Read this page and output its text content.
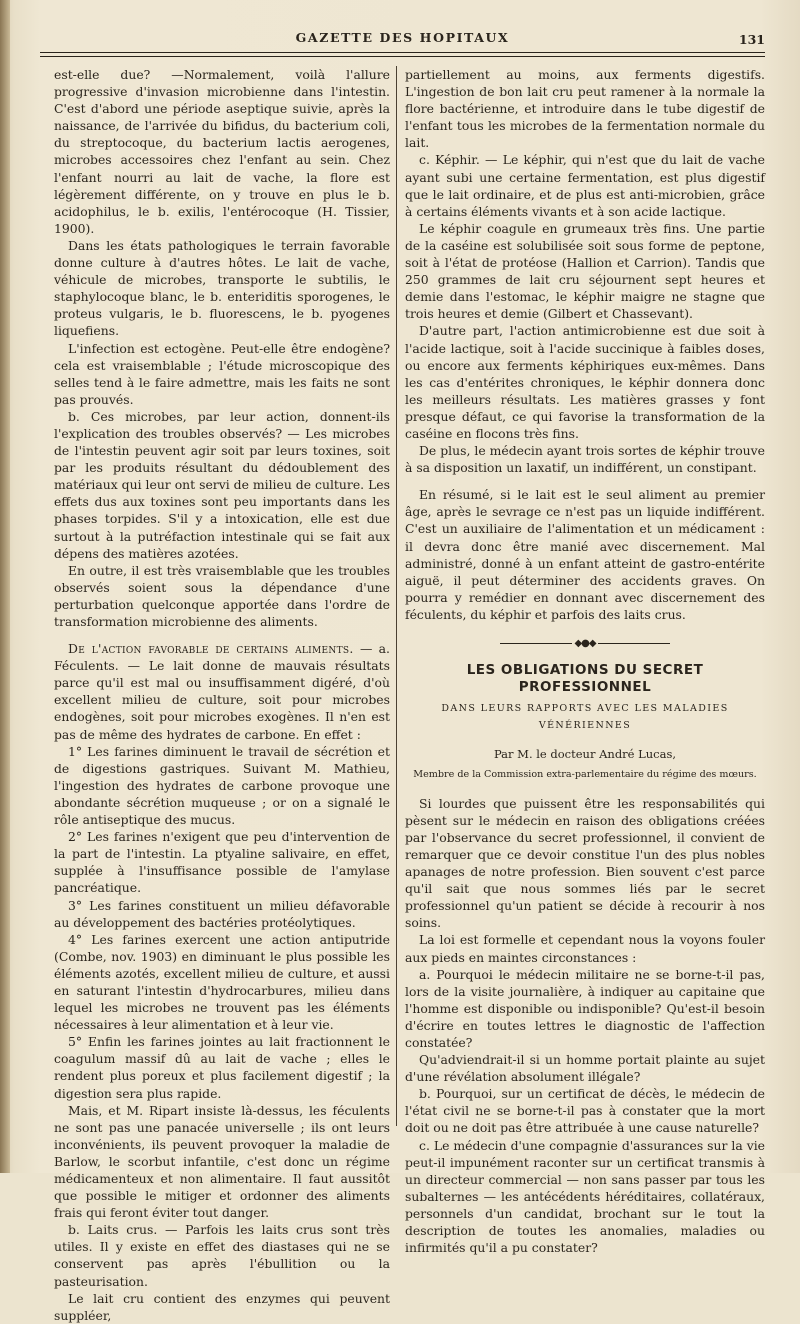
GAZETTE DES HOPITAUX	131

est-elle due? —Normalement, voilà l'allure progressive d'invasion microbienne dans l'intestin. C'est d'abord une période aseptique suivie, après la naissance, de l'arrivée du bifidus, du bacterium coli, du streptocoque, du bacterium lactis aerogenes, microbes accessoires chez l'enfant au sein. Chez l'enfant nourri au lait de vache, la flore est légèrement différente, on y trouve en plus le b. acidophilus, le b. exilis, l'entérocoque (H. Tissier, 1900).

Dans les états pathologiques le terrain favorable donne culture à d'autres hôtes. Le lait de vache, véhicule de microbes, transporte le subtilis, le staphylocoque blanc, le b. enteriditis sporogenes, le proteus vulgaris, le b. fluorescens, le b. pyogenes liquefiens.

L'infection est ectogène. Peut-elle être endogène? cela est vraisemblable ; l'étude microscopique des selles tend à le faire admettre, mais les faits ne sont pas prouvés.

b. Ces microbes, par leur action, donnent-ils l'explication des troubles observés? — Les microbes de l'intestin peuvent agir soit par leurs toxines, soit par les produits résultant du dédoublement des matériaux qui leur ont servi de milieu de culture. Les effets dus aux toxines sont peu importants dans les phases torpides. S'il y a intoxication, elle est due surtout à la putréfaction intestinale qui se fait aux dépens des matières azotées.

En outre, il est très vraisemblable que les troubles observés soient sous la dépendance d'une perturbation quelconque apportée dans l'ordre de transformation microbienne des aliments.

De l'action favorable de certains aliments. — a. Féculents. — Le lait donne de mauvais résultats parce qu'il est mal ou insuffisamment digéré, d'où excellent milieu de culture, soit pour microbes endogènes, soit pour microbes exogènes. Il n'en est pas de même des hydrates de carbone. En effet :

1° Les farines diminuent le travail de sécrétion et de digestions gastriques. Suivant M. Mathieu, l'ingestion des hydrates de carbone provoque une abondante sécrétion muqueuse ; or on a signalé le rôle antiseptique des mucus.

2° Les farines n'exigent que peu d'intervention de la part de l'intestin. La ptyaline salivaire, en effet, supplée à l'insuffisance possible de l'amylase pancréatique.

3° Les farines constituent un milieu défavorable au développement des bactéries protéolytiques.

4° Les farines exercent une action antiputride (Combe, nov. 1903) en diminuant le plus possible les éléments azotés, excellent milieu de culture, et aussi en saturant l'intestin d'hydrocarbures, milieu dans lequel les microbes ne trouvent pas les éléments nécessaires à leur alimentation et à leur vie.

5° Enfin les farines jointes au lait fractionnent le coagulum massif dû au lait de vache ; elles le rendent plus poreux et plus facilement digestif ; la digestion sera plus rapide.

Mais, et M. Ripart insiste là-dessus, les féculents ne sont pas une panacée universelle ; ils ont leurs inconvénients, ils peuvent provoquer la maladie de Barlow, le scorbut infantile, c'est donc un régime médicamenteux et non alimentaire. Il faut aussitôt que possible le mitiger et ordonner des aliments frais qui feront éviter tout danger.

b. Laits crus. — Parfois les laits crus sont très utiles. Il y existe en effet des diastases qui ne se conservent pas après l'ébullition ou la pasteurisation.

Le lait cru contient des enzymes qui peuvent suppléer,

partiellement au moins, aux ferments digestifs. L'ingestion de bon lait cru peut ramener à la normale la flore bactérienne, et introduire dans le tube digestif de l'enfant tous les microbes de la fermentation normale du lait.

c. Képhir. — Le képhir, qui n'est que du lait de vache ayant subi une certaine fermentation, est plus digestif que le lait ordinaire, et de plus est anti-microbien, grâce à certains éléments vivants et à son acide lactique.

Le képhir coagule en grumeaux très fins. Une partie de la caséine est solubilisée soit sous forme de peptone, soit à l'état de protéose (Hallion et Carrion). Tandis que 250 grammes de lait cru séjournent sept heures et demie dans l'estomac, le képhir maigre ne stagne que trois heures et demie (Gilbert et Chassevant).

D'autre part, l'action antimicrobienne est due soit à l'acide lactique, soit à l'acide succinique à faibles doses, ou encore aux ferments képhiriques eux-mêmes. Dans les cas d'entérites chroniques, le képhir donnera donc les meilleurs résultats. Les matières grasses y font presque défaut, ce qui favorise la transformation de la caséine en flocons très fins.

De plus, le médecin ayant trois sortes de képhir trouve à sa disposition un laxatif, un indifférent, un constipant.

En résumé, si le lait est le seul aliment au premier âge, après le sevrage ce n'est pas un liquide indifférent. C'est un auxiliaire de l'alimentation et un médicament : il devra donc être manié avec discernement. Mal administré, donné à un enfant atteint de gastro-entérite aiguë, il peut déterminer des accidents graves. On pourra y remédier en donnant avec discernement des féculents, du képhir et parfois des laits crus.

◆●◆
LES OBLIGATIONS DU SECRET PROFESSIONNEL
DANS LEURS RAPPORTS AVEC LES MALADIES VÉNÉRIENNES
Par M. le docteur André Lucas,
Membre de la Commission extra-parlementaire du régime des mœurs.

Si lourdes que puissent être les responsabilités qui pèsent sur le médecin en raison des obligations créées par l'observance du secret professionnel, il convient de remarquer que ce devoir constitue l'un des plus nobles apanages de notre profession. Bien souvent c'est parce qu'il sait que nous sommes liés par le secret professionnel qu'un patient se décide à recourir à nos soins.

La loi est formelle et cependant nous la voyons fouler aux pieds en maintes circonstances :

a. Pourquoi le médecin militaire ne se borne-t-il pas, lors de la visite journalière, à indiquer au capitaine que l'homme est disponible ou indisponible? Qu'est-il besoin d'écrire en toutes lettres le diagnostic de l'affection constatée?

Qu'adviendrait-il si un homme portait plainte au sujet d'une révélation absolument illégale?

b. Pourquoi, sur un certificat de décès, le médecin de l'état civil ne se borne-t-il pas à constater que la mort doit ou ne doit pas être attribuée à une cause naturelle?

c. Le médecin d'une compagnie d'assurances sur la vie peut-il impunément raconter sur un certificat transmis à un directeur commercial — non sans passer par tous les subalternes — les antécédents héréditaires, collatéraux, personnels d'un candidat, brochant sur le tout la description de toutes les anomalies, maladies ou infirmités qu'il a pu constater?
